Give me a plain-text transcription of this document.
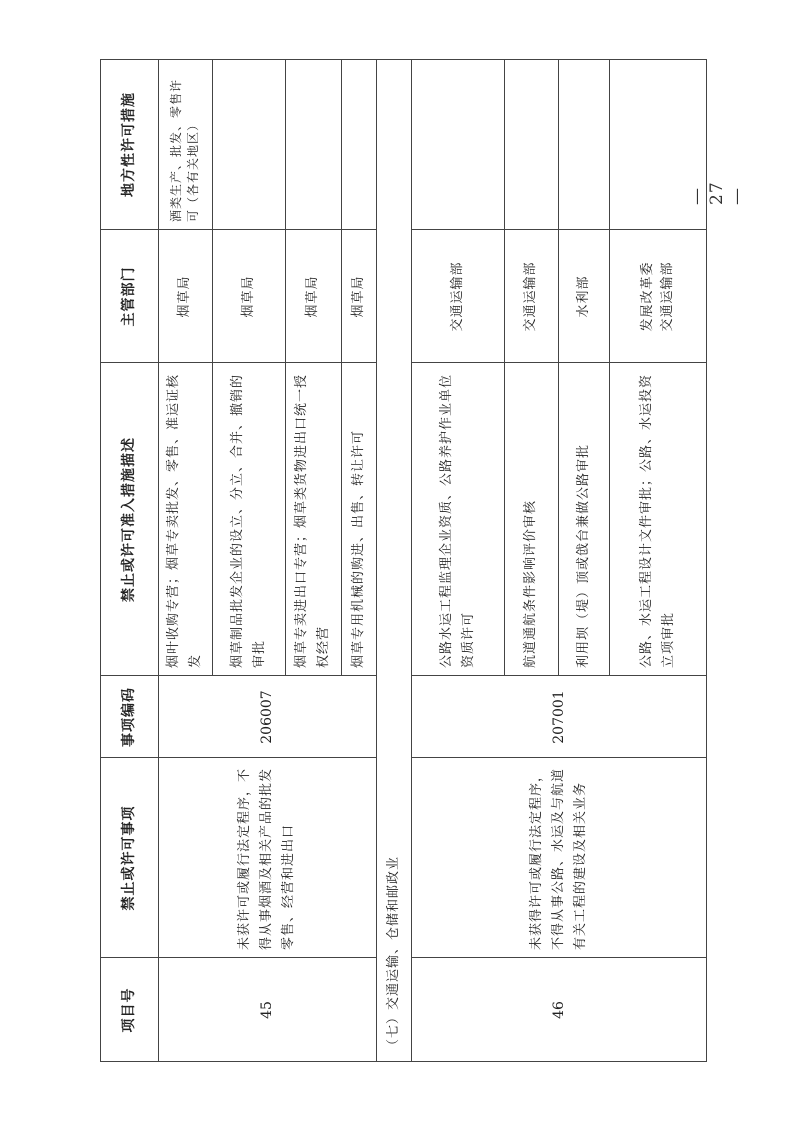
项目号
禁止或许可事项
事项编码
禁止或许可准入措施描述
主管部门
地方性许可措施
45
未获许可或履行法定程序，不得从事烟酒及相关产品的批发零售、经营和进出口
206007
烟叶收购专营；烟草专卖批发、零售、准运证核发
烟草局
酒类生产、批发、零售许可（各有关地区）
烟草制品批发企业的设立、分立、合并、撤销的审批
烟草局
烟草专卖进出口专营；烟草类货物进出口统一授权经营
烟草局
烟草专用机械的购进、出售、转让许可
烟草局
（七）交通运输、仓储和邮政业	46
未获得许可或履行法定程序，不得从事公路、水运及与航道有关工程的建设及相关业务
207001
公路水运工程监理企业资质、公路养护作业单位资质许可
交通运输部
航道通航条件影响评价审核
交通运输部
利用坝（堤）顶或戗台兼做公路审批
水利部
公路、水运工程设计文件审批；公路、水运投资立项审批
发展改革委
交通运输部
— 27 —
